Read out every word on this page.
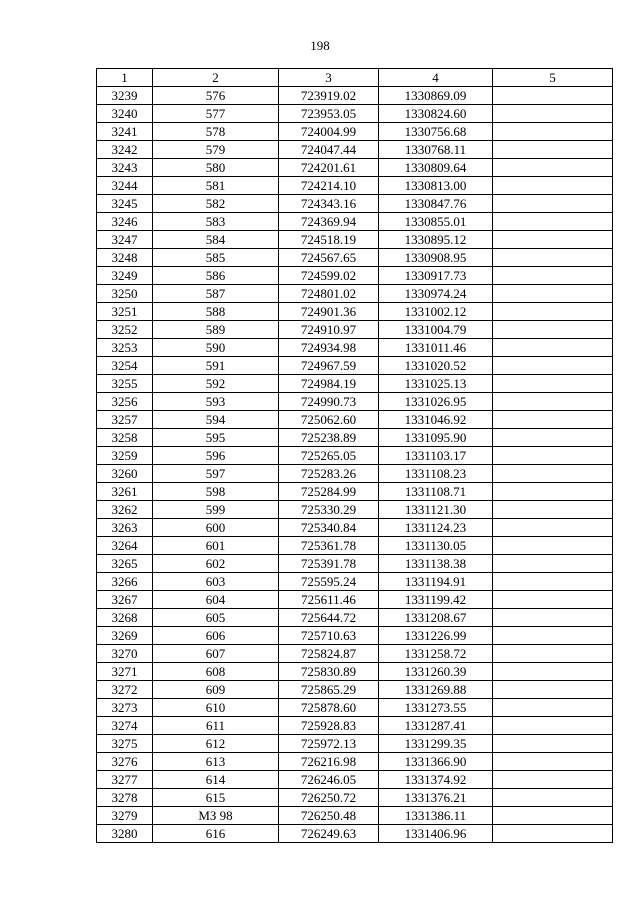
198
1	2	3	4	5
3239	576	723919.02	1330869.09	
3240	577	723953.05	1330824.60	
3241	578	724004.99	1330756.68	
3242	579	724047.44	1330768.11	
3243	580	724201.61	1330809.64	
3244	581	724214.10	1330813.00	
3245	582	724343.16	1330847.76	
3246	583	724369.94	1330855.01	
3247	584	724518.19	1330895.12	
3248	585	724567.65	1330908.95	
3249	586	724599.02	1330917.73	
3250	587	724801.02	1330974.24	
3251	588	724901.36	1331002.12	
3252	589	724910.97	1331004.79	
3253	590	724934.98	1331011.46	
3254	591	724967.59	1331020.52	
3255	592	724984.19	1331025.13	
3256	593	724990.73	1331026.95	
3257	594	725062.60	1331046.92	
3258	595	725238.89	1331095.90	
3259	596	725265.05	1331103.17	
3260	597	725283.26	1331108.23	
3261	598	725284.99	1331108.71	
3262	599	725330.29	1331121.30	
3263	600	725340.84	1331124.23	
3264	601	725361.78	1331130.05	
3265	602	725391.78	1331138.38	
3266	603	725595.24	1331194.91	
3267	604	725611.46	1331199.42	
3268	605	725644.72	1331208.67	
3269	606	725710.63	1331226.99	
3270	607	725824.87	1331258.72	
3271	608	725830.89	1331260.39	
3272	609	725865.29	1331269.88	
3273	610	725878.60	1331273.55	
3274	611	725928.83	1331287.41	
3275	612	725972.13	1331299.35	
3276	613	726216.98	1331366.90	
3277	614	726246.05	1331374.92	
3278	615	726250.72	1331376.21	
3279	МЗ 98	726250.48	1331386.11	
3280	616	726249.63	1331406.96	
